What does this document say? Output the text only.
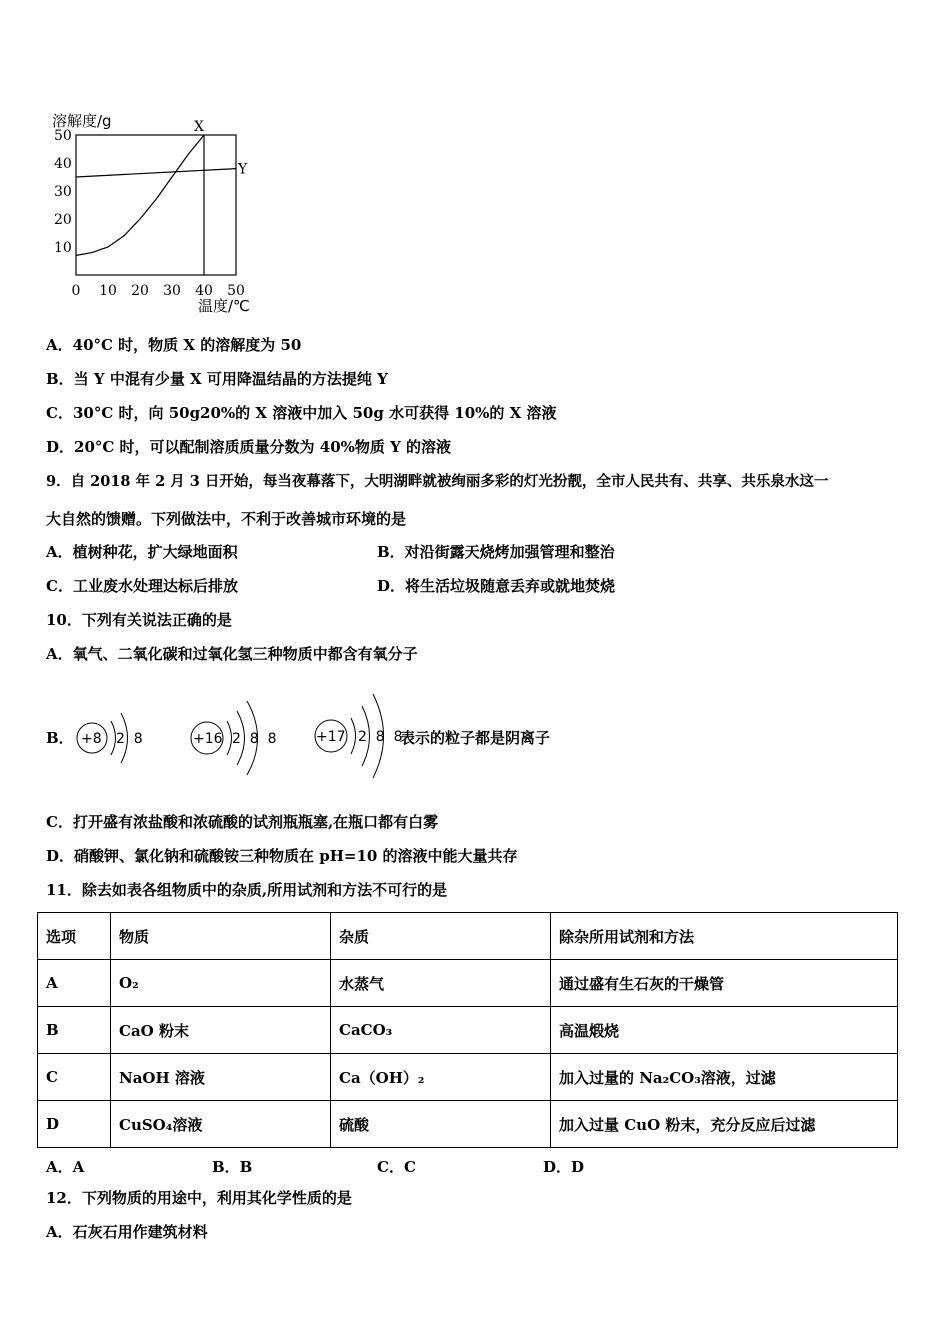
溶解度/g
温度/℃
10
20
30
40
50
0 10 20 30 40 50
X
Y
A．40°C 时，物质 X 的溶解度为 50
B．当 Y 中混有少量 X 可用降温结晶的方法提纯 Y
C．30°C 时，向 50g20%的 X 溶液中加入 50g 水可获得 10%的 X 溶液
D．20°C 时，可以配制溶质质量分数为 40%物质 Y 的溶液
9．自 2018 年 2 月 3 日开始，每当夜幕落下，大明湖畔就被绚丽多彩的灯光扮靓，全市人民共有、共享、共乐泉水这一
大自然的馈赠。下列做法中，不利于改善城市环境的是
A．植树种花，扩大绿地面积	B．对沿街露天烧烤加强管理和整治
C．工业废水处理达标后排放	D．将生活垃圾随意丢弃或就地焚烧
10．下列有关说法正确的是
A．氧气、二氧化碳和过氧化氢三种物质中都含有氧分子
B． +8 2  8	+16 2  8  8	+17 2  8  8
表示的粒子都是阴离子
C．打开盛有浓盐酸和浓硫酸的试剂瓶瓶塞,在瓶口都有白雾
D．硝酸钾、氯化钠和硫酸铵三种物质在 pH=10 的溶液中能大量共存
11．除去如表各组物质中的杂质,所用试剂和方法不可行的是
选项	物质	杂质	除杂所用试剂和方法
A	O₂	水蒸气	通过盛有生石灰的干燥管
B	CaO 粉末	CaCO₃	高温煅烧
C	NaOH 溶液	Ca（OH）₂	加入过量的 Na₂CO₃溶液，过滤
D	CuSO₄溶液	硫酸	加入过量 CuO 粉末，充分反应后过滤
A．A	B．B	C．C	D．D
12．下列物质的用途中，利用其化学性质的是
A．石灰石用作建筑材料
